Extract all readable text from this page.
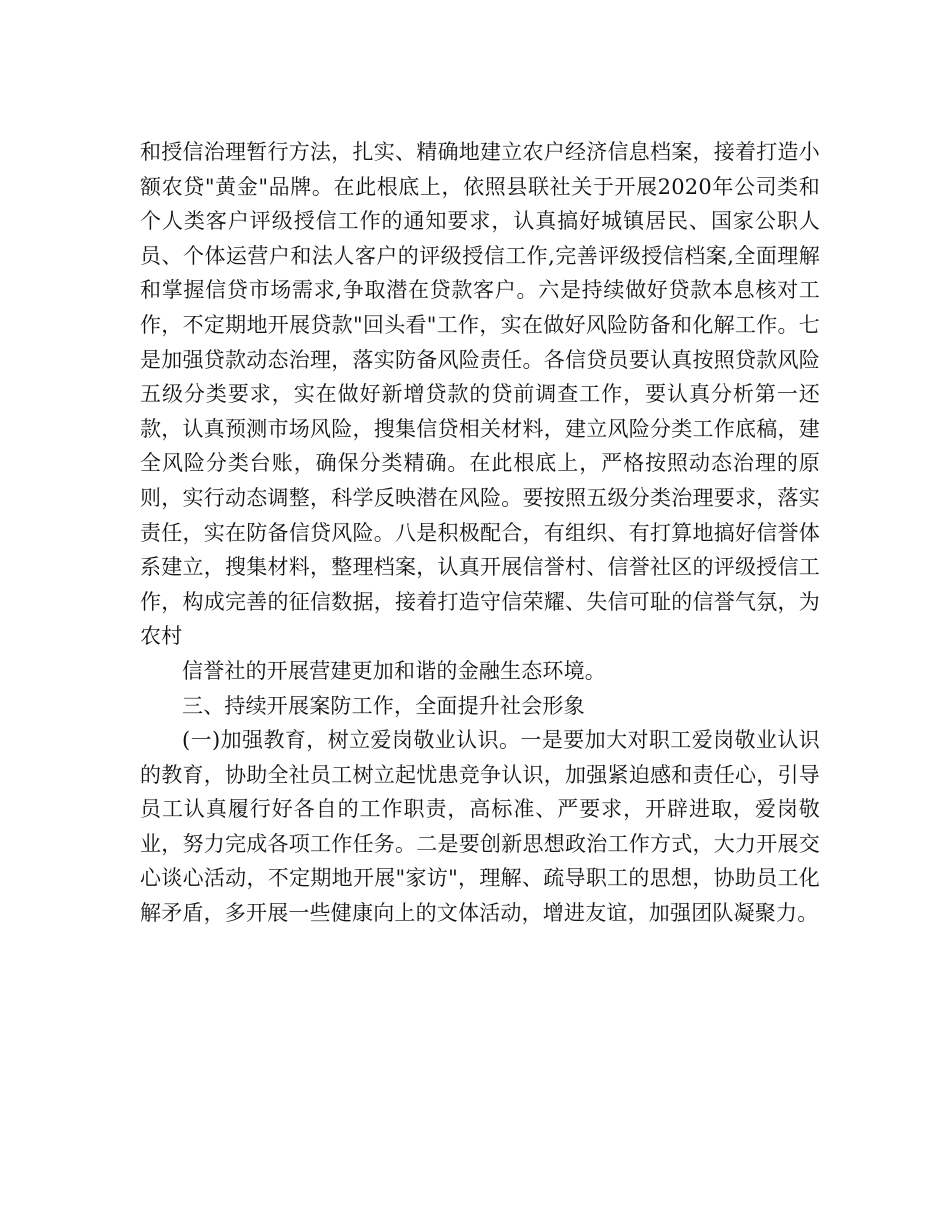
和授信治理暂行方法，扎实、精确地建立农户经济信息档案，接着打造小额农贷"黄金"品牌。在此根底上，依照县联社关于开展2020年公司类和个人类客户评级授信工作的通知要求，认真搞好城镇居民、国家公职人员、个体运营户和法人客户的评级授信工作,完善评级授信档案,全面理解和掌握信贷市场需求,争取潜在贷款客户。六是持续做好贷款本息核对工作，不定期地开展贷款"回头看"工作，实在做好风险防备和化解工作。七是加强贷款动态治理，落实防备风险责任。各信贷员要认真按照贷款风险五级分类要求，实在做好新增贷款的贷前调查工作，要认真分析第一还款，认真预测市场风险，搜集信贷相关材料，建立风险分类工作底稿，建全风险分类台账，确保分类精确。在此根底上，严格按照动态治理的原则，实行动态调整，科学反映潜在风险。要按照五级分类治理要求，落实责任，实在防备信贷风险。八是积极配合，有组织、有打算地搞好信誉体系建立，搜集材料，整理档案，认真开展信誉村、信誉社区的评级授信工作，构成完善的征信数据，接着打造守信荣耀、失信可耻的信誉气氛，为农村

信誉社的开展营建更加和谐的金融生态环境。

三、持续开展案防工作，全面提升社会形象

(一)加强教育，树立爱岗敬业认识。一是要加大对职工爱岗敬业认识的教育，协助全社员工树立起忧患竞争认识，加强紧迫感和责任心，引导员工认真履行好各自的工作职责，高标准、严要求，开辟进取，爱岗敬业，努力完成各项工作任务。二是要创新思想政治工作方式，大力开展交心谈心活动，不定期地开展"家访"，理解、疏导职工的思想，协助员工化解矛盾，多开展一些健康向上的文体活动，增进友谊，加强团队凝聚力。
